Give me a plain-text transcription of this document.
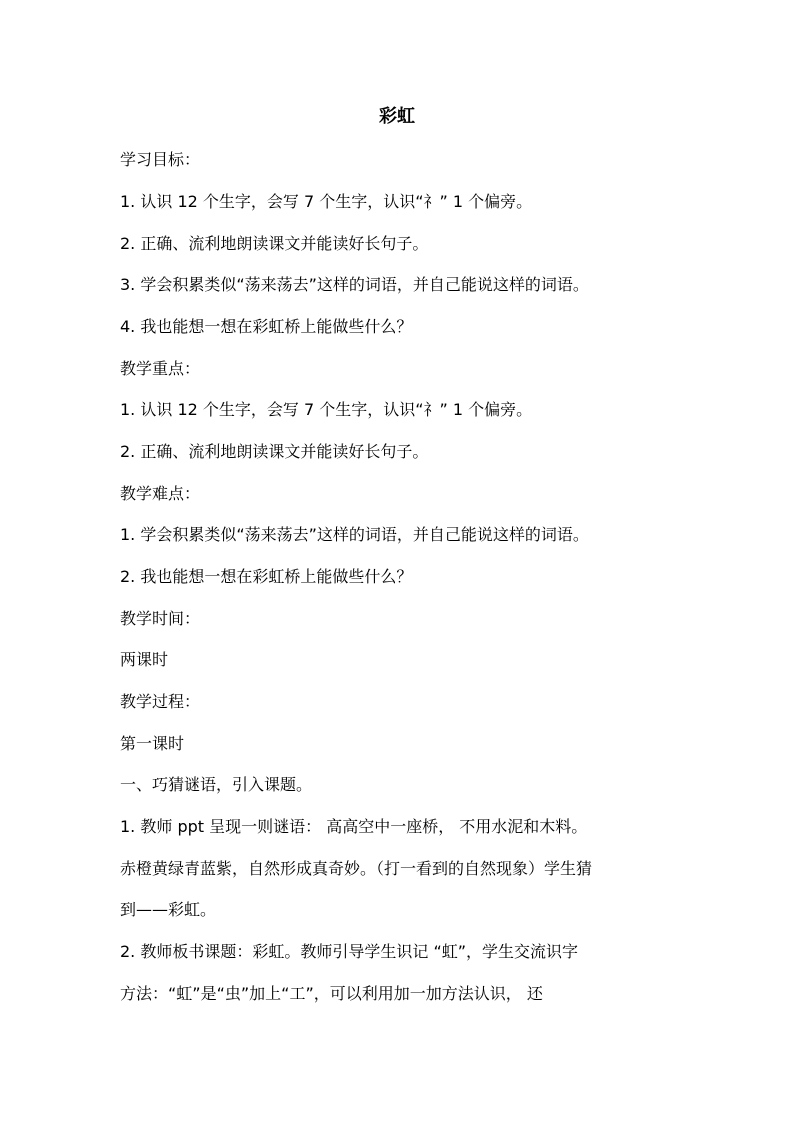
彩虹
学习目标：
1. 认识 12 个生字，会写 7 个生字，认识“礻” 1 个偏旁。
2. 正确、流利地朗读课文并能读好长句子。
3. 学会积累类似“荡来荡去”这样的词语，并自己能说这样的词语。
4. 我也能想一想在彩虹桥上能做些什么？
教学重点：
1. 认识 12 个生字，会写 7 个生字，认识“礻” 1 个偏旁。
2. 正确、流利地朗读课文并能读好长句子。
教学难点：
1. 学会积累类似“荡来荡去”这样的词语，并自己能说这样的词语。
2. 我也能想一想在彩虹桥上能做些什么？
教学时间：
两课时
教学过程：
第一课时
一、巧猜谜语，引入课题。
1. 教师 ppt 呈现一则谜语： 高高空中一座桥， 不用水泥和木料。
赤橙黄绿青蓝紫，自然形成真奇妙。（打一看到的自然现象）学生猜
到——彩虹。
2. 教师板书课题：彩虹。教师引导学生识记 “虹”，学生交流识字
方法：“虹”是“虫”加上“工”，可以利用加一加方法认识， 还
